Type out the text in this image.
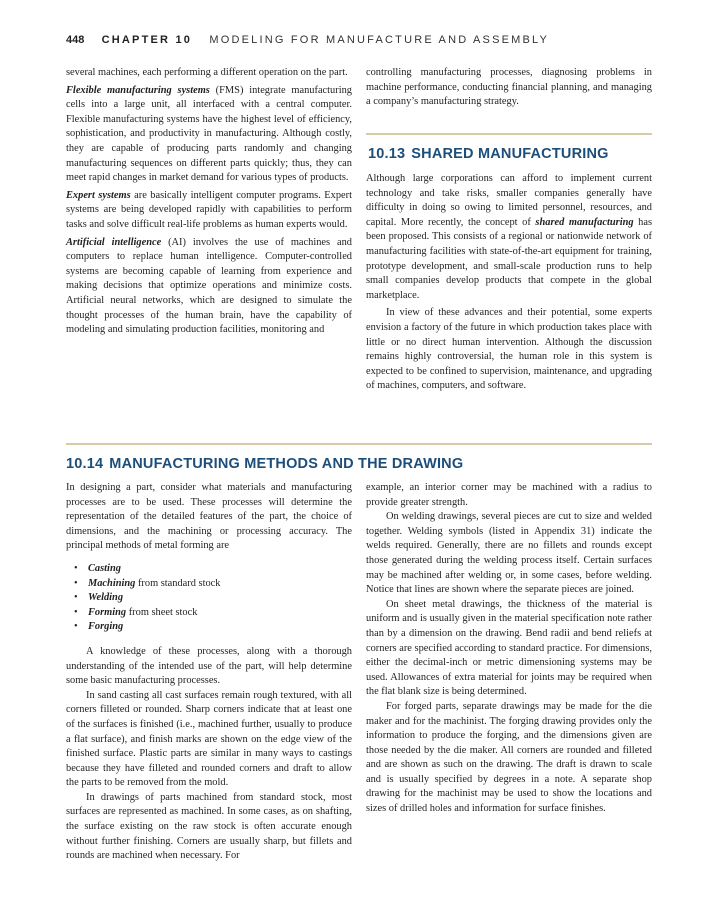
448 CHAPTER 10 MODELING FOR MANUFACTURE AND ASSEMBLY

several machines, each performing a different operation on the part.

Flexible manufacturing systems (FMS) integrate manufacturing cells into a large unit, all interfaced with a central computer. Flexible manufacturing systems have the highest level of efficiency, sophistication, and productivity in manufacturing. Although costly, they are capable of producing parts randomly and changing manufacturing sequences on different parts quickly; thus, they can meet rapid changes in market demand for various types of products.

Expert systems are basically intelligent computer programs. Expert systems are being developed rapidly with capabilities to perform tasks and solve difficult real-life problems as human experts would.

Artificial intelligence (AI) involves the use of machines and computers to replace human intelligence. Computer-controlled systems are becoming capable of learning from experience and making decisions that optimize operations and minimize costs. Artificial neural networks, which are designed to simulate the thought processes of the human brain, have the capability of modeling and simulating production facilities, monitoring and

controlling manufacturing processes, diagnosing problems in machine performance, conducting financial planning, and managing a company’s manufacturing strategy.

10.13 SHARED MANUFACTURING

Although large corporations can afford to implement current technology and take risks, smaller companies generally have difficulty in doing so owing to limited personnel, resources, and capital. More recently, the concept of shared manufacturing has been proposed. This consists of a regional or nationwide network of manufacturing facilities with state-of-the-art equipment for training, prototype development, and small-scale production runs to help small companies develop products that compete in the global marketplace.

In view of these advances and their potential, some experts envision a factory of the future in which production takes place with little or no direct human intervention. Although the discussion remains highly controversial, the human role in this system is expected to be confined to supervision, maintenance, and upgrading of machines, computers, and software.

10.14 MANUFACTURING METHODS AND THE DRAWING

In designing a part, consider what materials and manufacturing processes are to be used. These processes will determine the representation of the detailed features of the part, the choice of dimensions, and the machining or processing accuracy. The principal methods of metal forming are

• Casting
• Machining from standard stock
• Welding
• Forming from sheet stock
• Forging

A knowledge of these processes, along with a thorough understanding of the intended use of the part, will help determine some basic manufacturing processes.

In sand casting all cast surfaces remain rough textured, with all corners filleted or rounded. Sharp corners indicate that at least one of the surfaces is finished (i.e., machined further, usually to produce a flat surface), and finish marks are shown on the edge view of the finished surface. Plastic parts are similar in many ways to castings because they have filleted and rounded corners and draft to allow the parts to be removed from the mold.

In drawings of parts machined from standard stock, most surfaces are represented as machined. In some cases, as on shafting, the surface existing on the raw stock is often accurate enough without further finishing. Corners are usually sharp, but fillets and rounds are machined when necessary. For

example, an interior corner may be machined with a radius to provide greater strength.

On welding drawings, several pieces are cut to size and welded together. Welding symbols (listed in Appendix 31) indicate the welds required. Generally, there are no fillets and rounds except those generated during the welding process itself. Certain surfaces may be machined after welding or, in some cases, before welding. Notice that lines are shown where the separate pieces are joined.

On sheet metal drawings, the thickness of the material is uniform and is usually given in the material specification note rather than by a dimension on the drawing. Bend radii and bend reliefs at corners are specified according to standard practice. For dimensions, either the decimal-inch or metric dimensioning systems may be used. Allowances of extra material for joints may be required when the flat blank size is being determined.

For forged parts, separate drawings may be made for the die maker and for the machinist. The forging drawing provides only the information to produce the forging, and the dimensions given are those needed by the die maker. All corners are rounded and filleted and are shown as such on the drawing. The draft is drawn to scale and is usually specified by degrees in a note. A separate shop drawing for the machinist may be used to show the locations and sizes of drilled holes and information for surface finishes.
